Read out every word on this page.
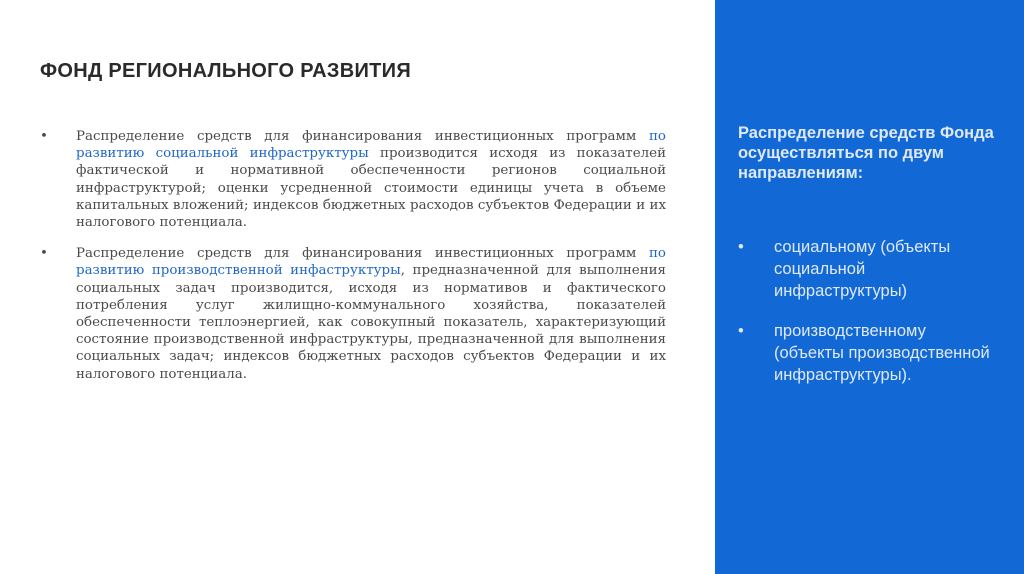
ФОНД РЕГИОНАЛЬНОГО РАЗВИТИЯ
• Распределение средств для финансирования инвестиционных программ по развитию социальной инфраструктуры производится исходя из показателей фактической и нормативной обеспеченности регионов социальной инфраструктурой; оценки усредненной стоимости единицы учета в объеме капитальных вложений; индексов бюджетных расходов субъектов Федерации и их налогового потенциала.
• Распределение средств для финансирования инвестиционных программ по развитию производственной инфаструктуры, предназначенной для выполнения социальных задач производится, исходя из нормативов и фактического потребления услуг жилищно-коммунального хозяйства, показателей обеспеченности теплоэнергией, как совокупный показатель, характеризующий состояние производственной инфраструктуры, предназначенной для выполнения социальных задач; индексов бюджетных расходов субъектов Федерации и их налогового потенциала.
Распределение средств Фонда осуществляться по двум направлениям:
• социальному (объекты социальной инфраструктуры)
• производственному (объекты производственной инфраструктуры).
